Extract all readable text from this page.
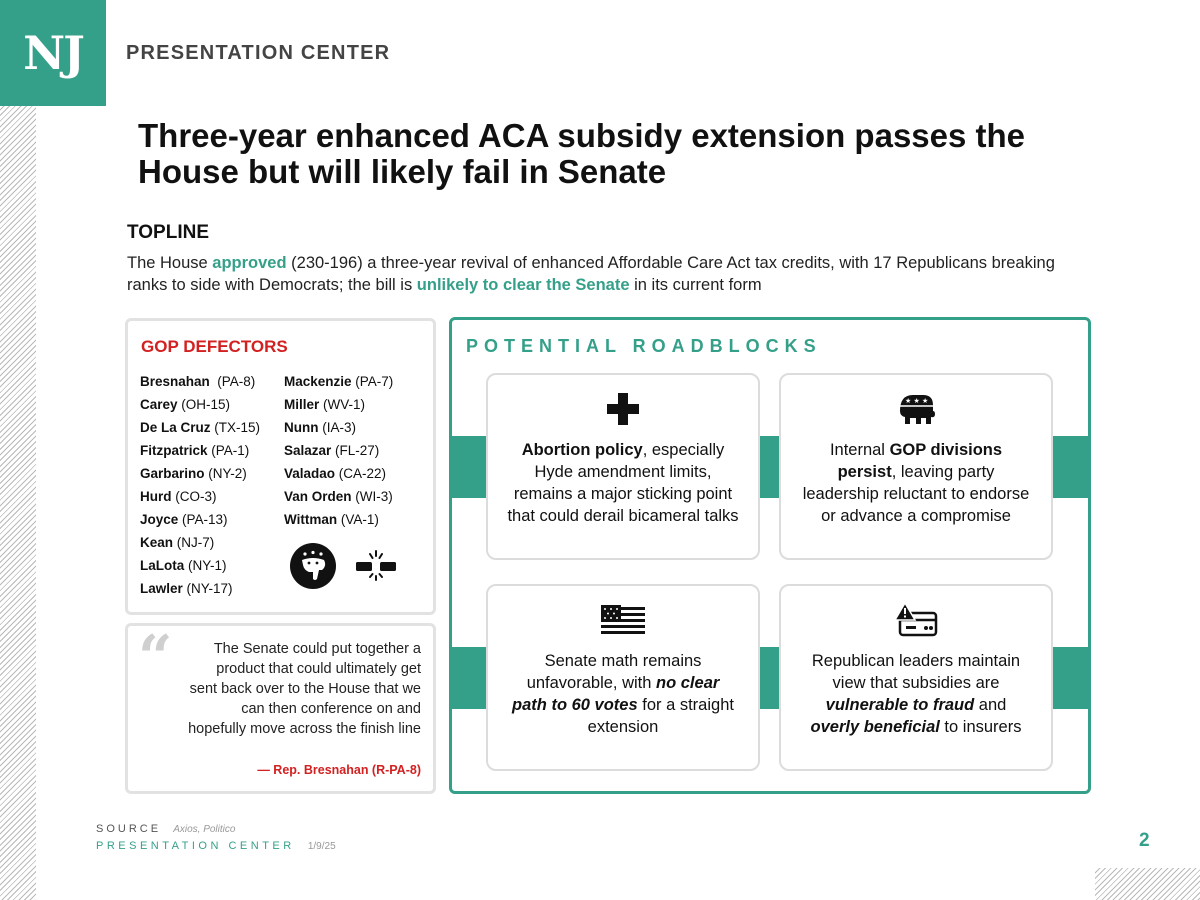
NJ PRESENTATION CENTER
Three-year enhanced ACA subsidy extension passes the House but will likely fail in Senate
TOPLINE

The House approved (230-196) a three-year revival of enhanced Affordable Care Act tax credits, with 17 Republicans breaking ranks to side with Democrats; the bill is unlikely to clear the Senate in its current form

GOP DEFECTORS
Bresnahan  (PA-8)
Carey (OH-15)
De La Cruz (TX-15)
Fitzpatrick (PA-1)
Garbarino (NY-2)
Hurd (CO-3)
Joyce (PA-13)
Kean (NJ-7)
LaLota (NY-1)
Lawler (NY-17)
Mackenzie (PA-7)
Miller (WV-1)
Nunn (IA-3)
Salazar (FL-27)
Valadao (CA-22)
Van Orden (WI-3)
Wittman (VA-1)
“	The Senate could put together a product that could ultimately get sent back over to the House that we can then conference on and hopefully move across the finish line
— Rep. Bresnahan (R-PA-8)
POTENTIAL ROADBLOCKS
Abortion policy, especially Hyde amendment limits, remains a major sticking point that could derail bicameral talks
★ ★ ★
Internal GOP divisions persist, leaving party leadership reluctant to endorse or advance a compromise
Senate math remains unfavorable, with no clear path to 60 votes for a straight extension
Republican leaders maintain view that subsidies are vulnerable to fraud and overly beneficial to insurers
SOURCE Axios, Politico
PRESENTATION CENTER 1/9/25	2
